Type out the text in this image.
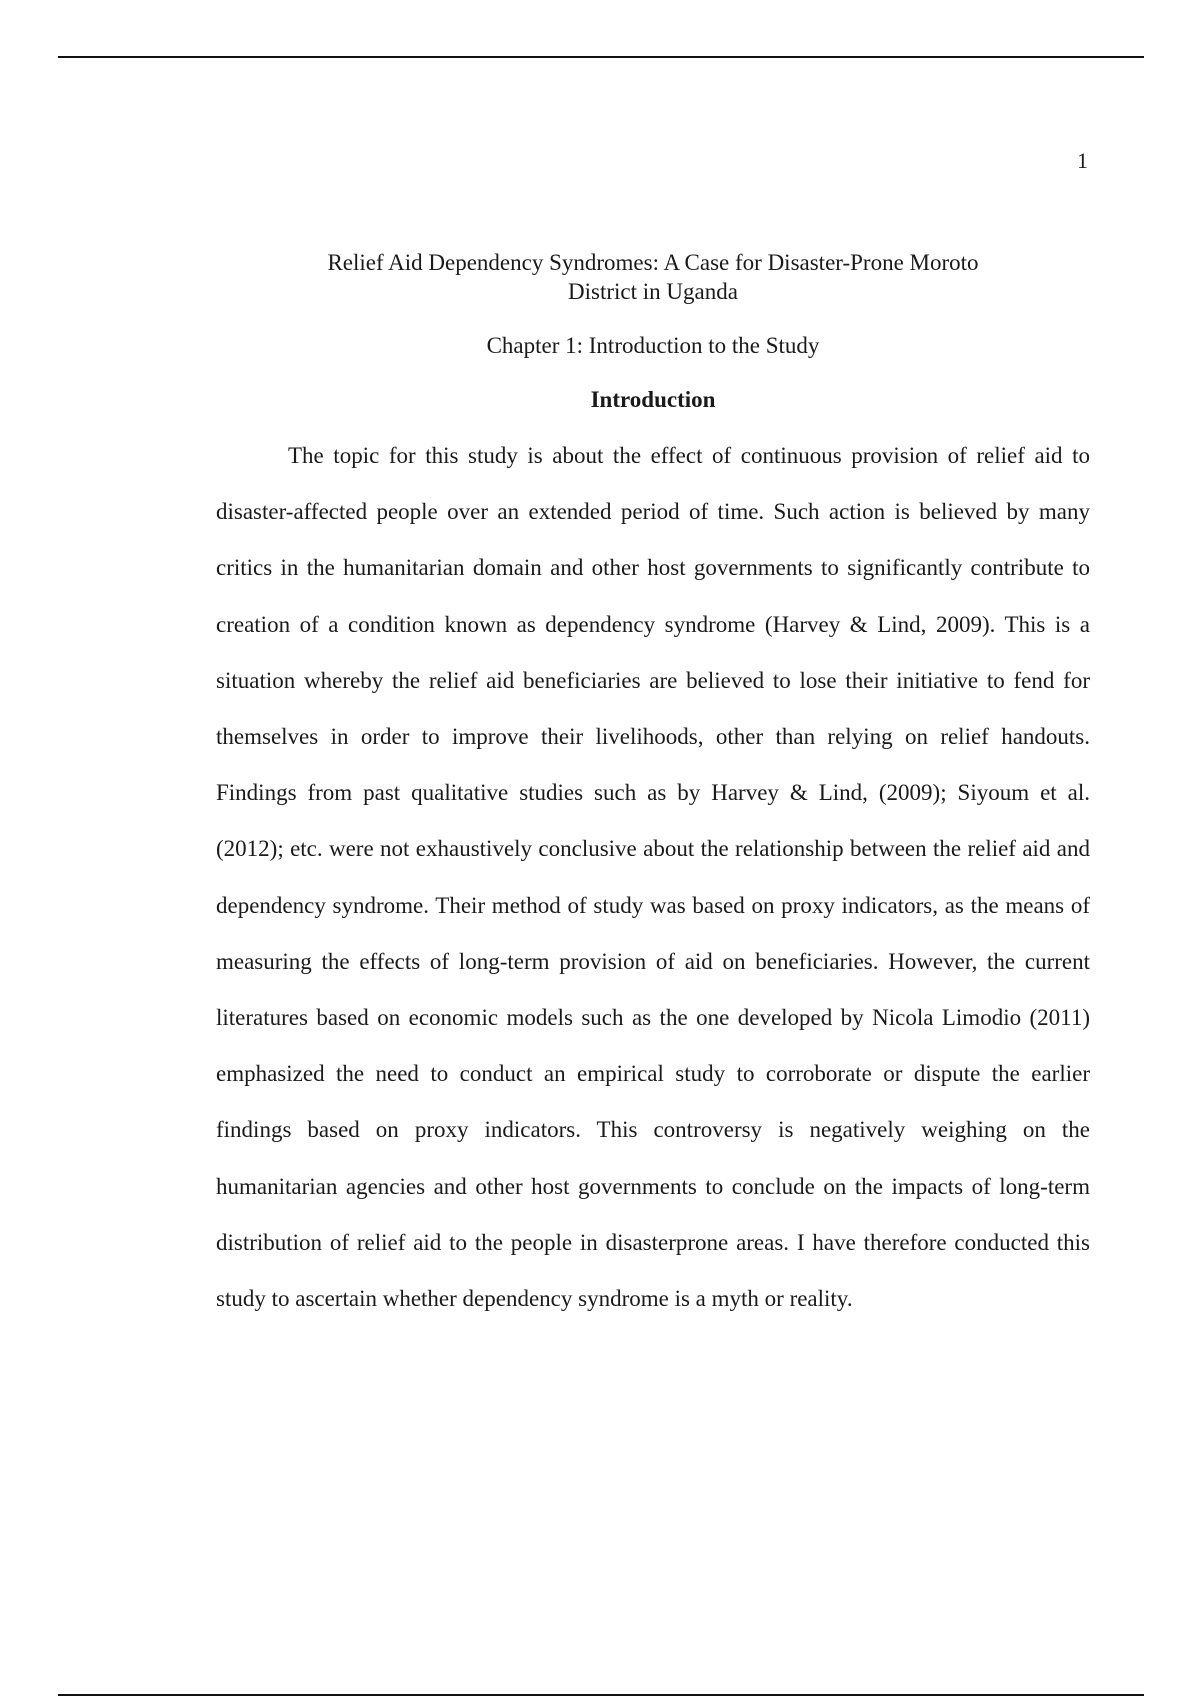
1
Relief Aid Dependency Syndromes: A Case for Disaster-Prone Moroto
District in Uganda

Chapter 1: Introduction to the Study

Introduction

The topic for this study is about the effect of continuous provision of relief aid to disaster-affected people over an extended period of time. Such action is believed by many critics in the humanitarian domain and other host governments to significantly contribute to creation of a condition known as dependency syndrome (Harvey & Lind, 2009). This is a situation whereby the relief aid beneficiaries are believed to lose their initiative to fend for themselves in order to improve their livelihoods, other than relying on relief handouts. Findings from past qualitative studies such as by Harvey & Lind, (2009); Siyoum et al. (2012); etc. were not exhaustively conclusive about the relationship between the relief aid and dependency syndrome. Their method of study was based on proxy indicators, as the means of measuring the effects of long-term provision of aid on beneficiaries. However, the current literatures based on economic models such as the one developed by Nicola Limodio (2011) emphasized the need to conduct an empirical study to corroborate or dispute the earlier findings based on proxy indicators. This controversy is negatively weighing on the humanitarian agencies and other host governments to conclude on the impacts of long-term distribution of relief aid to the people in disasterprone areas. I have therefore conducted this study to ascertain whether dependency syndrome is a myth or reality.
